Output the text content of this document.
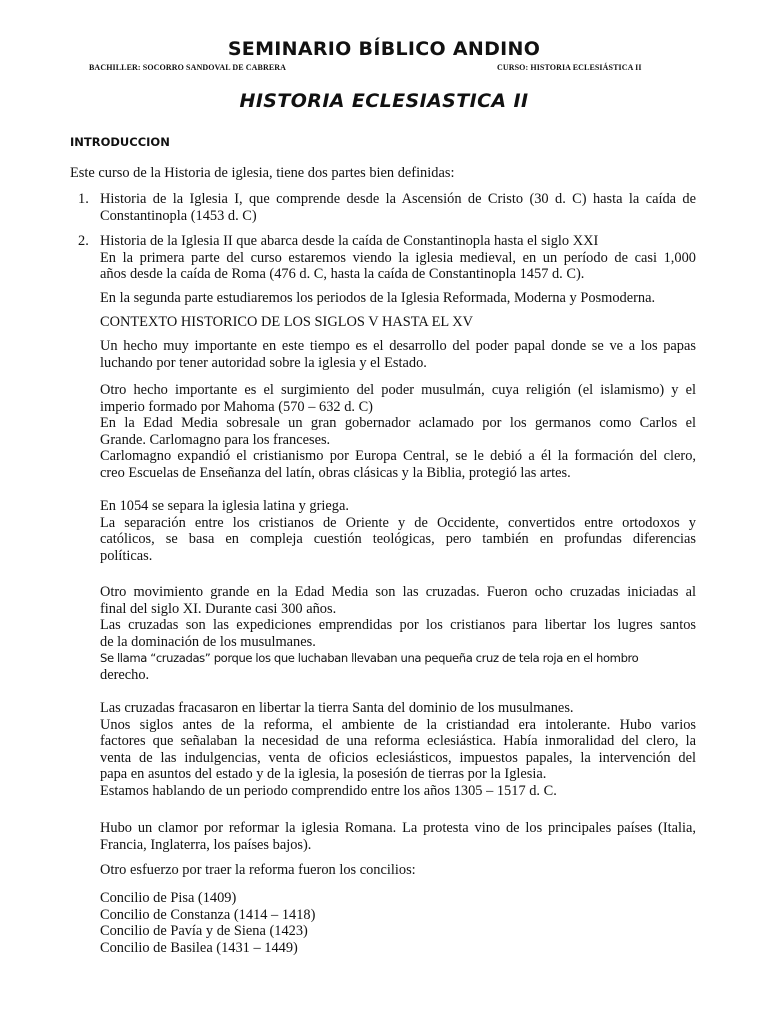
SEMINARIO BÍBLICO ANDINO
BACHILLER: SOCORRO SANDOVAL DE CABRERA	CURSO: HISTORIA ECLESIÁSTICA II
HISTORIA ECLESIASTICA II
INTRODUCCION

Este curso de la Historia de iglesia, tiene dos partes bien definidas:

1. Historia de la Iglesia I, que comprende desde la Ascensión de Cristo (30 d. C) hasta la caída de
Constantinopla (1453 d. C)
2. Historia de la Iglesia II que abarca desde la caída de Constantinopla hasta el siglo XXI
En la primera parte del curso estaremos viendo la iglesia medieval, en un período de casi 1,000
años desde la caída de Roma (476 d. C, hasta la caída de Constantinopla 1457 d. C).

En la segunda parte estudiaremos los periodos de la Iglesia Reformada, Moderna y Posmoderna.

CONTEXTO HISTORICO DE LOS SIGLOS V HASTA EL XV

Un hecho muy importante en este tiempo es el desarrollo del poder papal donde se ve a los papas
luchando por tener autoridad sobre la iglesia y el Estado.

Otro hecho importante es el surgimiento del poder musulmán, cuya religión (el islamismo) y el
imperio formado por Mahoma (570 – 632 d. C)
En la Edad Media sobresale un gran gobernador aclamado por los germanos como Carlos el
Grande. Carlomagno para los franceses.
Carlomagno expandió el cristianismo por Europa Central, se le debió a él la formación del clero,
creo Escuelas de Enseñanza del latín, obras clásicas y la Biblia, protegió las artes.

En 1054 se separa la iglesia latina y griega.
La separación entre los cristianos de Oriente y de Occidente, convertidos entre ortodoxos y
católicos, se basa en compleja cuestión teológicas, pero también en profundas diferencias
políticas.

Otro movimiento grande en la Edad Media son las cruzadas. Fueron ocho cruzadas iniciadas al
final del siglo XI. Durante casi 300 años.
Las cruzadas son las expediciones emprendidas por los cristianos para libertar los lugres santos
de la dominación de los musulmanes.
Se llama “cruzadas” porque los que luchaban llevaban una pequeña cruz de tela roja en el hombro
derecho.

Las cruzadas fracasaron en libertar la tierra Santa del dominio de los musulmanes.
Unos siglos antes de la reforma, el ambiente de la cristiandad era intolerante. Hubo varios
factores que señalaban la necesidad de una reforma eclesiástica. Había inmoralidad del clero, la
venta de las indulgencias, venta de oficios eclesiásticos, impuestos papales, la intervención del
papa en asuntos del estado y de la iglesia, la posesión de tierras por la Iglesia.
Estamos hablando de un periodo comprendido entre los años 1305 – 1517 d. C.

Hubo un clamor por reformar la iglesia Romana. La protesta vino de los principales países (Italia,
Francia, Inglaterra, los países bajos).

Otro esfuerzo por traer la reforma fueron los concilios:

Concilio de Pisa (1409)
Concilio de Constanza (1414 – 1418)
Concilio de Pavía y de Siena (1423)
Concilio de Basilea (1431 – 1449)
